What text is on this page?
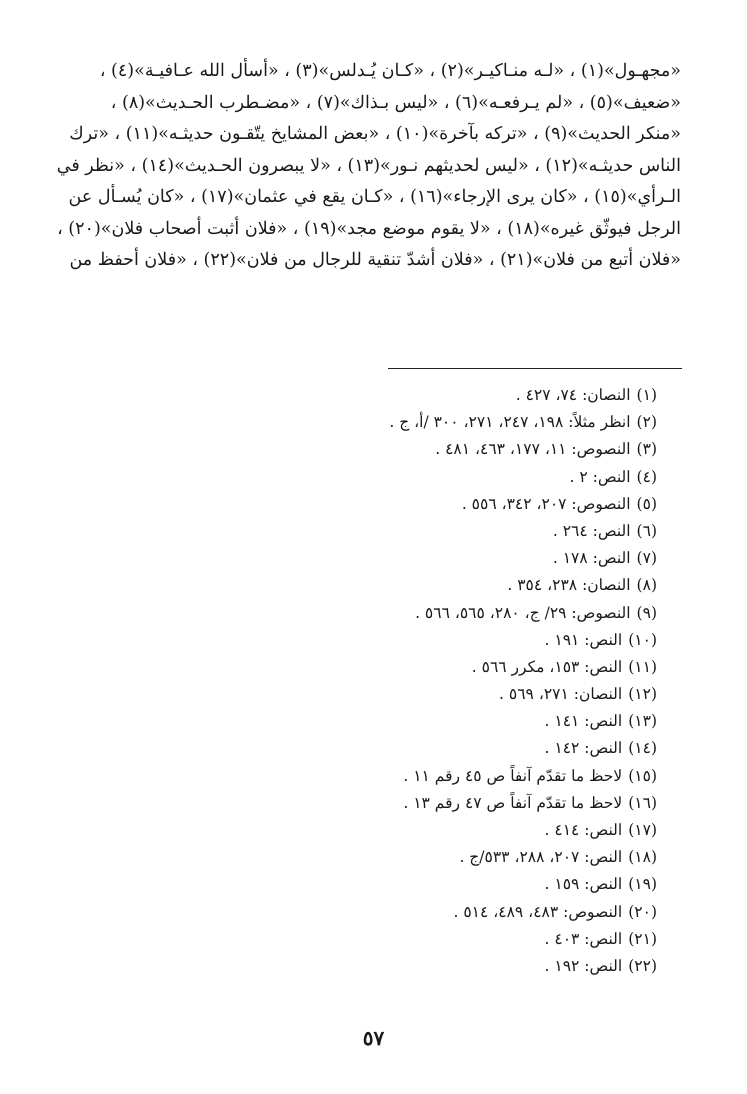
«مجهـول»(١) ، «لـه منـاكيـر»(٢) ، «كـان يُـدلس»(٣) ، «أسأل الله عـافيـة»(٤) ،
«ضعيف»(٥) ، «لم يـرفعـه»(٦) ، «ليس بـذاك»(٧) ، «مضـطرب الحـديث»(٨) ،
«منكر الحديث»(٩) ، «تركه بآخرة»(١٠) ، «بعض المشايخ يتّقـون حديثـه»(١١) ، «ترك
الناس حديثـه»(١٢) ، «ليس لحديثهم نـور»(١٣) ، «لا يبصرون الحـديث»(١٤) ، «نظر في
الـرأي»(١٥) ، «كان يرى الإرجاء»(١٦) ، «كـان يقع في عثمان»(١٧) ، «كان يُسـأل عن
الرجل فيوثّق غيره»(١٨) ، «لا يقوم موضع مجد»(١٩) ، «فلان أثبت أصحاب فلان»(٢٠) ،
«فلان أتبع من فلان»(٢١) ، «فلان أشدّ تنقية للرجال من فلان»(٢٢) ، «فلان أحفظ من
(١)النصان: ٧٤، ٤٢٧ .
(٢)انظر مثلاً: ١٩٨، ٢٤٧، ٢٧١، ٣٠٠ /أ، ج .
(٣)النصوص: ١١، ١٧٧، ٤٦٣، ٤٨١ .
(٤)النص: ٢ .
(٥)النصوص: ٢٠٧، ٣٤٢، ٥٥٦ .
(٦)النص: ٢٦٤ .
(٧)النص: ١٧٨ .
(٨)النصان: ٢٣٨، ٣٥٤ .
(٩)النصوص: ٢٩/ ج، ٢٨٠، ٥٦٥، ٥٦٦ .
(١٠)النص: ١٩١ .
(١١)النص: ١٥٣، مكرر ٥٦٦ .
(١٢)النصان: ٢٧١، ٥٦٩ .
(١٣)النص: ١٤١ .
(١٤)النص: ١٤٢ .
(١٥)لاحظ ما تقدّم آنفاً ص ٤٥ رقم ١١ .
(١٦)لاحظ ما تقدّم آنفاً ص ٤٧ رقم ١٣ .
(١٧)النص: ٤١٤ .
(١٨)النص: ٢٠٧، ٢٨٨، ٥٣٣/ج .
(١٩)النص: ١٥٩ .
(٢٠)النصوص: ٤٨٣، ٤٨٩، ٥١٤ .
(٢١)النص: ٤٠٣ .
(٢٢)النص: ١٩٢ .
٥٧
